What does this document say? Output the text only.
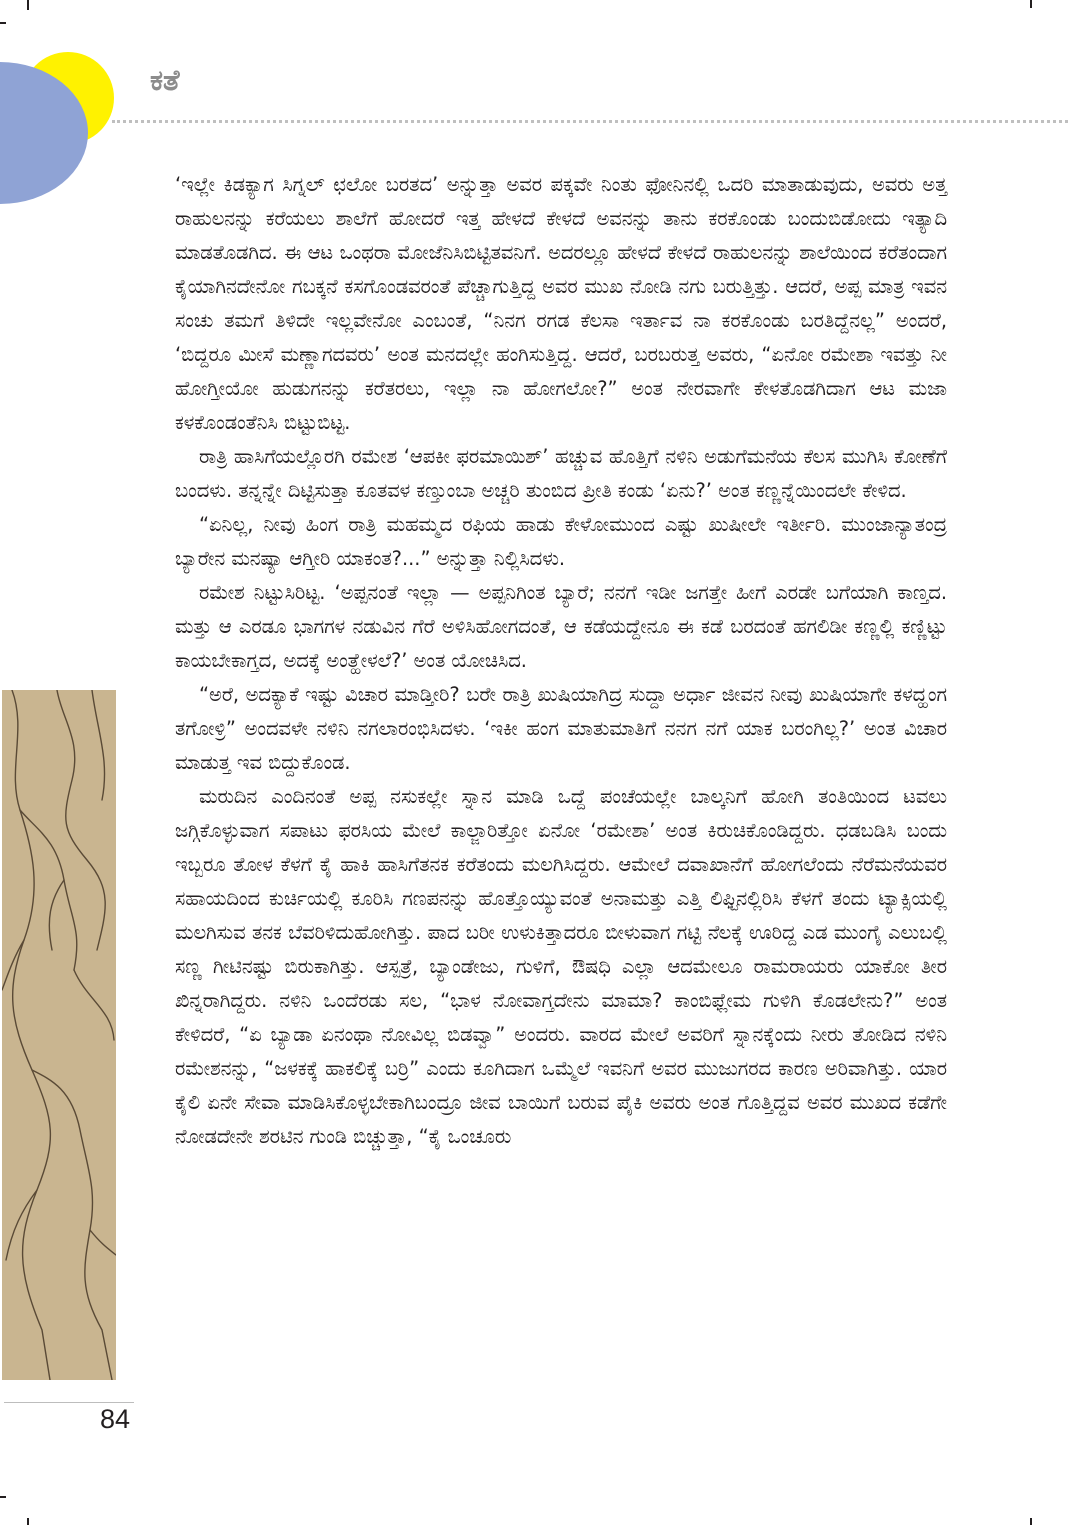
ಕತೆ

‘ಇಲ್ಲೇ ಕಿಡಕ್ಯಾಗ ಸಿಗ್ನಲ್ ಛಲೋ ಬರತದ’ ಅನ್ನುತ್ತಾ ಅವರ ಪಕ್ಕವೇ ನಿಂತು ಫೋನಿನಲ್ಲಿ ಒದರಿ ಮಾತಾಡುವುದು, ಅವರು ಅತ್ತ ರಾಹುಲನನ್ನು ಕರೆಯಲು ಶಾಲೆಗೆ ಹೋದರೆ ಇತ್ತ ಹೇಳದೆ ಕೇಳದೆ ಅವನನ್ನು ತಾನು ಕರಕೊಂಡು ಬಂದುಬಿಡೋದು ಇತ್ಯಾದಿ ಮಾಡತೊಡಗಿದ. ಈ ಆಟ ಒಂಥರಾ ಮೋಜೆನಿಸಿಬಿಟ್ಟಿತವನಿಗೆ. ಅದರಲ್ಲೂ ಹೇಳದೆ ಕೇಳದೆ ರಾಹುಲನನ್ನು ಶಾಲೆಯಿಂದ ಕರೆತಂದಾಗ ಕೈಯಾಗಿನದೇನೋ ಗಬಕ್ಕನೆ ಕಸಗೊಂಡವರಂತೆ ಪೆಚ್ಚಾಗುತ್ತಿದ್ದ ಅವರ ಮುಖ ನೋಡಿ ನಗು ಬರುತ್ತಿತ್ತು. ಆದರೆ, ಅಪ್ಪ ಮಾತ್ರ ಇವನ ಸಂಚು ತಮಗೆ ತಿಳಿದೇ ಇಲ್ಲವೇನೋ ಎಂಬಂತೆ, “ನಿನಗ ರಗಡ ಕೆಲಸಾ ಇರ್ತಾವ ನಾ ಕರಕೊಂಡು ಬರತಿದ್ದೆನಲ್ಲ” ಅಂದರೆ, ‘ಬಿದ್ದರೂ ಮೀಸೆ ಮಣ್ಣಾಗದವರು’ ಅಂತ ಮನದಲ್ಲೇ ಹಂಗಿಸುತ್ತಿದ್ದ. ಆದರೆ, ಬರಬರುತ್ತ ಅವರು, “ಏನೋ ರಮೇಶಾ ಇವತ್ತು ನೀ ಹೋಗ್ತೀಯೋ ಹುಡುಗನನ್ನು ಕರೆತರಲು, ಇಲ್ಲಾ ನಾ ಹೋಗಲೋ?” ಅಂತ ನೇರವಾಗೇ ಕೇಳತೊಡಗಿದಾಗ ಆಟ ಮಜಾ ಕಳಕೊಂಡಂತೆನಿಸಿ ಬಿಟ್ಟುಬಿಟ್ಟ.

ರಾತ್ರಿ ಹಾಸಿಗೆಯಲ್ಲೊರಗಿ ರಮೇಶ ‘ಆಪಕೀ ಫರಮಾಯಿಶ್’ ಹಚ್ಚುವ ಹೊತ್ತಿಗೆ ನಳಿನಿ ಅಡುಗೆಮನೆಯ ಕೆಲಸ ಮುಗಿಸಿ ಕೋಣೆಗೆ ಬಂದಳು. ತನ್ನನ್ನೇ ದಿಟ್ಟಿಸುತ್ತಾ ಕೂತವಳ ಕಣ್ತುಂಬಾ ಅಚ್ಚರಿ ತುಂಬಿದ ಪ್ರೀತಿ ಕಂಡು ‘ಏನು?’ ಅಂತ ಕಣ್ಣನ್ನೆಯಿಂದಲೇ ಕೇಳಿದ.

“ಏನಿಲ್ಲ, ನೀವು ಹಿಂಗ ರಾತ್ರಿ ಮಹಮ್ಮದ ರಫಿಯ ಹಾಡು ಕೇಳೋಮುಂದ ಎಷ್ಟು ಖುಷೀಲೇ ಇರ್ತೀರಿ. ಮುಂಜಾನ್ಯಾತಂದ್ರ ಬ್ಯಾರೇನ ಮನಷ್ಯಾ ಆಗ್ತೀರಿ ಯಾಕಂತ?...” ಅನ್ನುತ್ತಾ ನಿಲ್ಲಿಸಿದಳು.

ರಮೇಶ ನಿಟ್ಟುಸಿರಿಟ್ಟ. ‘ಅಪ್ಪನಂತೆ ಇಲ್ಲಾ — ಅಪ್ಪನಿಗಿಂತ ಬ್ಯಾರೆ; ನನಗೆ ಇಡೀ ಜಗತ್ತೇ ಹೀಗೆ ಎರಡೇ ಬಗೆಯಾಗಿ ಕಾಣ್ತದ. ಮತ್ತು ಆ ಎರಡೂ ಭಾಗಗಳ ನಡುವಿನ ಗೆರೆ ಅಳಿಸಿಹೋಗದಂತೆ, ಆ ಕಡೆಯದ್ದೇನೂ ಈ ಕಡೆ ಬರದಂತೆ ಹಗಲಿಡೀ ಕಣ್ಣಲ್ಲಿ ಕಣ್ಣಿಟ್ಟು ಕಾಯಬೇಕಾಗ್ತದ, ಅದಕ್ಕೆ ಅಂತ್ಹೇಳಲೆ?’ ಅಂತ ಯೋಚಿಸಿದ.

“ಅರೆ, ಅದಕ್ಯಾಕೆ ಇಷ್ಟು ವಿಚಾರ ಮಾಡ್ತೀರಿ? ಬರೇ ರಾತ್ರಿ ಖುಷಿಯಾಗಿದ್ರ ಸುದ್ದಾ ಅರ್ಧಾ ಜೀವನ ನೀವು ಖುಷಿಯಾಗೇ ಕಳದ್ಹಂಗ ತಗೋಳ್ರಿ” ಅಂದವಳೇ ನಳಿನಿ ನಗಲಾರಂಭಿಸಿದಳು. ‘ಇಕೀ ಹಂಗ ಮಾತುಮಾತಿಗೆ ನನಗ ನಗೆ ಯಾಕ ಬರಂಗಿಲ್ಲ?’ ಅಂತ ವಿಚಾರ ಮಾಡುತ್ತ ಇವ ಬಿದ್ದುಕೊಂಡ.

ಮರುದಿನ ಎಂದಿನಂತೆ ಅಪ್ಪ ನಸುಕಲ್ಲೇ ಸ್ನಾನ ಮಾಡಿ ಒದ್ದೆ ಪಂಚೆಯಲ್ಲೇ ಬಾಲ್ಕನಿಗೆ ಹೋಗಿ ತಂತಿಯಿಂದ ಟವಲು ಜಗ್ಗಿಕೊಳ್ಳುವಾಗ ಸಪಾಟು ಫರಸಿಯ ಮೇಲೆ ಕಾಲ್ಜಾರಿತ್ತೋ ಏನೋ ‘ರಮೇಶಾ’ ಅಂತ ಕಿರುಚಿಕೊಂಡಿದ್ದರು. ಧಡಬಡಿಸಿ ಬಂದು ಇಬ್ಬರೂ ತೋಳ ಕೆಳಗೆ ಕೈ ಹಾಕಿ ಹಾಸಿಗೆತನಕ ಕರೆತಂದು ಮಲಗಿಸಿದ್ದರು. ಆಮೇಲೆ ದವಾಖಾನೆಗೆ ಹೋಗಲೆಂದು ನೆರೆಮನೆಯವರ ಸಹಾಯದಿಂದ ಕುರ್ಚಿಯಲ್ಲಿ ಕೂರಿಸಿ ಗಣಪನನ್ನು ಹೊತ್ತೊಯ್ಯುವಂತೆ ಅನಾಮತ್ತು ಎತ್ತಿ ಲಿಫ್ಟಿನಲ್ಲಿರಿಸಿ ಕೆಳಗೆ ತಂದು ಟ್ಯಾಕ್ಸಿಯಲ್ಲಿ ಮಲಗಿಸುವ ತನಕ ಬೆವರಿಳಿದುಹೋಗಿತ್ತು. ಪಾದ ಬರೀ ಉಳುಕಿತ್ತಾದರೂ ಬೀಳುವಾಗ ಗಟ್ಟಿ ನೆಲಕ್ಕೆ ಊರಿದ್ದ ಎಡ ಮುಂಗೈ ಎಲುಬಲ್ಲಿ ಸಣ್ಣ ಗೀಟಿನಷ್ಟು ಬಿರುಕಾಗಿತ್ತು. ಆಸ್ಪತ್ರೆ, ಬ್ಯಾಂಡೇಜು, ಗುಳಿಗೆ, ಔಷಧಿ ಎಲ್ಲಾ ಆದಮೇಲೂ ರಾಮರಾಯರು ಯಾಕೋ ತೀರ ಖಿನ್ನರಾಗಿದ್ದರು. ನಳಿನಿ ಒಂದೆರಡು ಸಲ, “ಭಾಳ ನೋವಾಗ್ತದೇನು ಮಾಮಾ? ಕಾಂಬಿಫ್ಲೇಮ ಗುಳಿಗಿ ಕೊಡಲೇನು?” ಅಂತ ಕೇಳಿದರೆ, “ಏ ಬ್ಯಾಡಾ ಏನಂಥಾ ನೋವಿಲ್ಲ ಬಿಡವ್ವಾ” ಅಂದರು. ವಾರದ ಮೇಲೆ ಅವರಿಗೆ ಸ್ನಾನಕ್ಕೆಂದು ನೀರು ತೋಡಿದ ನಳಿನಿ ರಮೇಶನನ್ನು, “ಜಳಕಕ್ಕೆ ಹಾಕಲಿಕ್ಕೆ ಬರ್ರಿ” ಎಂದು ಕೂಗಿದಾಗ ಒಮ್ಮೆಲೆ ಇವನಿಗೆ ಅವರ ಮುಜುಗರದ ಕಾರಣ ಅರಿವಾಗಿತ್ತು. ಯಾರ ಕೈಲಿ ಏನೇ ಸೇವಾ ಮಾಡಿಸಿಕೊಳ್ಳಬೇಕಾಗಿಬಂದ್ರೂ ಜೀವ ಬಾಯಿಗೆ ಬರುವ ಪೈಕಿ ಅವರು ಅಂತ ಗೊತ್ತಿದ್ದವ ಅವರ ಮುಖದ ಕಡೆಗೇ ನೋಡದೇನೇ ಶರಟಿನ ಗುಂಡಿ ಬಿಚ್ಚುತ್ತಾ, “ಕೈ ಒಂಚೂರು

84
